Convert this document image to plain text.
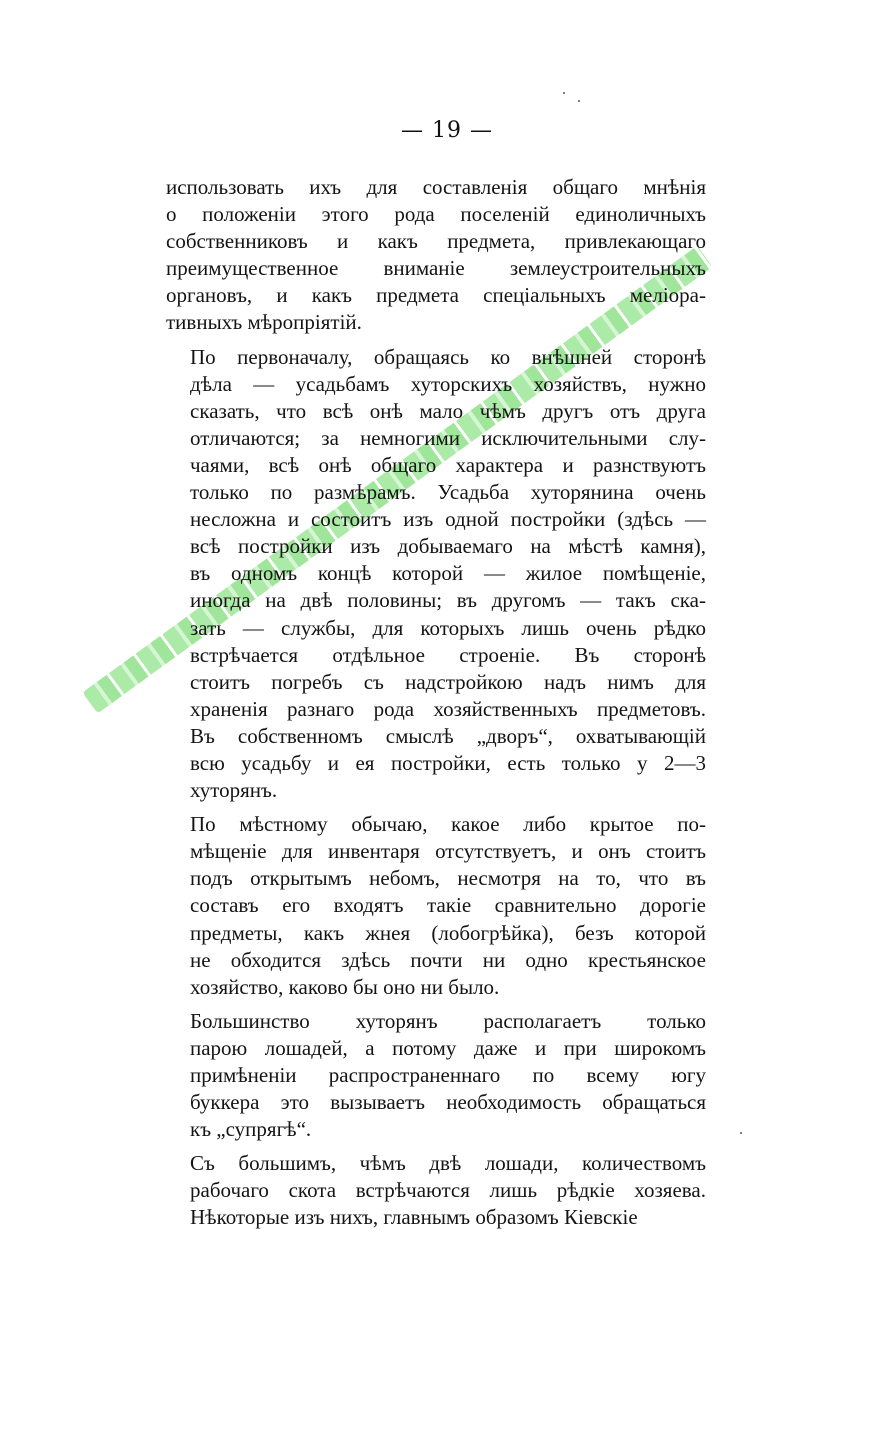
— 19 —

использовать ихъ для составленія общаго мнѣнія
о положеніи этого рода поселеній единоличныхъ
собственниковъ и какъ предмета, привлекающаго
преимущественное вниманіе землеустроительныхъ
органовъ, и какъ предмета спеціальныхъ меліора-
тивныхъ мѣропріятій.

По первоначалу, обращаясь ко внѣшней сторонѣ
дѣла — усадьбамъ хуторскихъ хозяйствъ, нужно
сказать, что всѣ онѣ мало чѣмъ другъ отъ друга
отличаются; за немногими исключительными слу-
чаями, всѣ онѣ общаго характера и разнствуютъ
только по размѣрамъ. Усадьба хуторянина очень
несложна и состоитъ изъ одной постройки (здѣсь —
всѣ постройки изъ добываемаго на мѣстѣ камня),
въ одномъ концѣ которой — жилое помѣщеніе,
иногда на двѣ половины; въ другомъ — такъ ска-
зать — службы, для которыхъ лишь очень рѣдко
встрѣчается отдѣльное строеніе. Въ сторонѣ
стоитъ погребъ съ надстройкою надъ нимъ для
храненія разнаго рода хозяйственныхъ предметовъ.
Въ собственномъ смыслѣ „дворъ“, охватывающій
всю усадьбу и ея постройки, есть только у 2—3
хуторянъ.

По мѣстному обычаю, какое либо крытое по-
мѣщеніе для инвентаря отсутствуетъ, и онъ стоитъ
подъ открытымъ небомъ, несмотря на то, что въ
составъ его входятъ такіе сравнительно дорогіе
предметы, какъ жнея (лобогрѣйка), безъ которой
не обходится здѣсь почти ни одно крестьянское
хозяйство, каково бы оно ни было.

Большинство хуторянъ располагаетъ только
парою лошадей, а потому даже и при широкомъ
примѣненіи распространеннаго по всему югу
буккера это вызываетъ необходимость обращаться
къ „супрягѣ“.

Съ большимъ, чѣмъ двѣ лошади, количествомъ
рабочаго скота встрѣчаются лишь рѣдкіе хозяева.
Нѣкоторые изъ нихъ, главнымъ образомъ Кіевскіе
